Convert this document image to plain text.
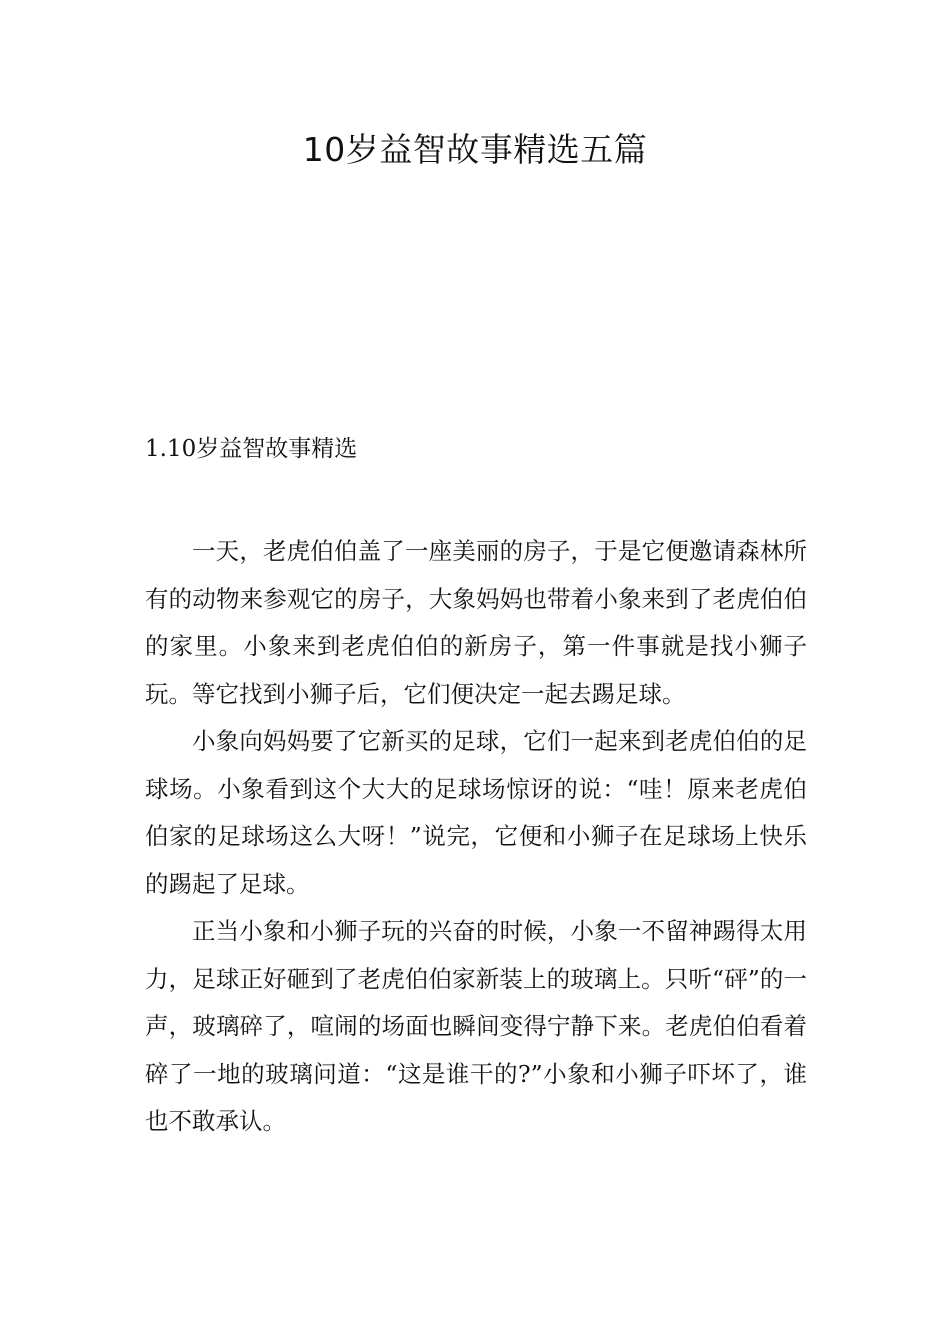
10岁益智故事精选五篇
1.10岁益智故事精选

一天，老虎伯伯盖了一座美丽的房子，于是它便邀请森林所有的动物来参观它的房子，大象妈妈也带着小象来到了老虎伯伯的家里。小象来到老虎伯伯的新房子，第一件事就是找小狮子玩。等它找到小狮子后，它们便决定一起去踢足球。

小象向妈妈要了它新买的足球，它们一起来到老虎伯伯的足球场。小象看到这个大大的足球场惊讶的说：“哇！原来老虎伯伯家的足球场这么大呀！”说完，它便和小狮子在足球场上快乐的踢起了足球。

正当小象和小狮子玩的兴奋的时候，小象一不留神踢得太用力，足球正好砸到了老虎伯伯家新装上的玻璃上。只听“砰”的一声，玻璃碎了，喧闹的场面也瞬间变得宁静下来。老虎伯伯看着碎了一地的玻璃问道：“这是谁干的?”小象和小狮子吓坏了，谁也不敢承认。
